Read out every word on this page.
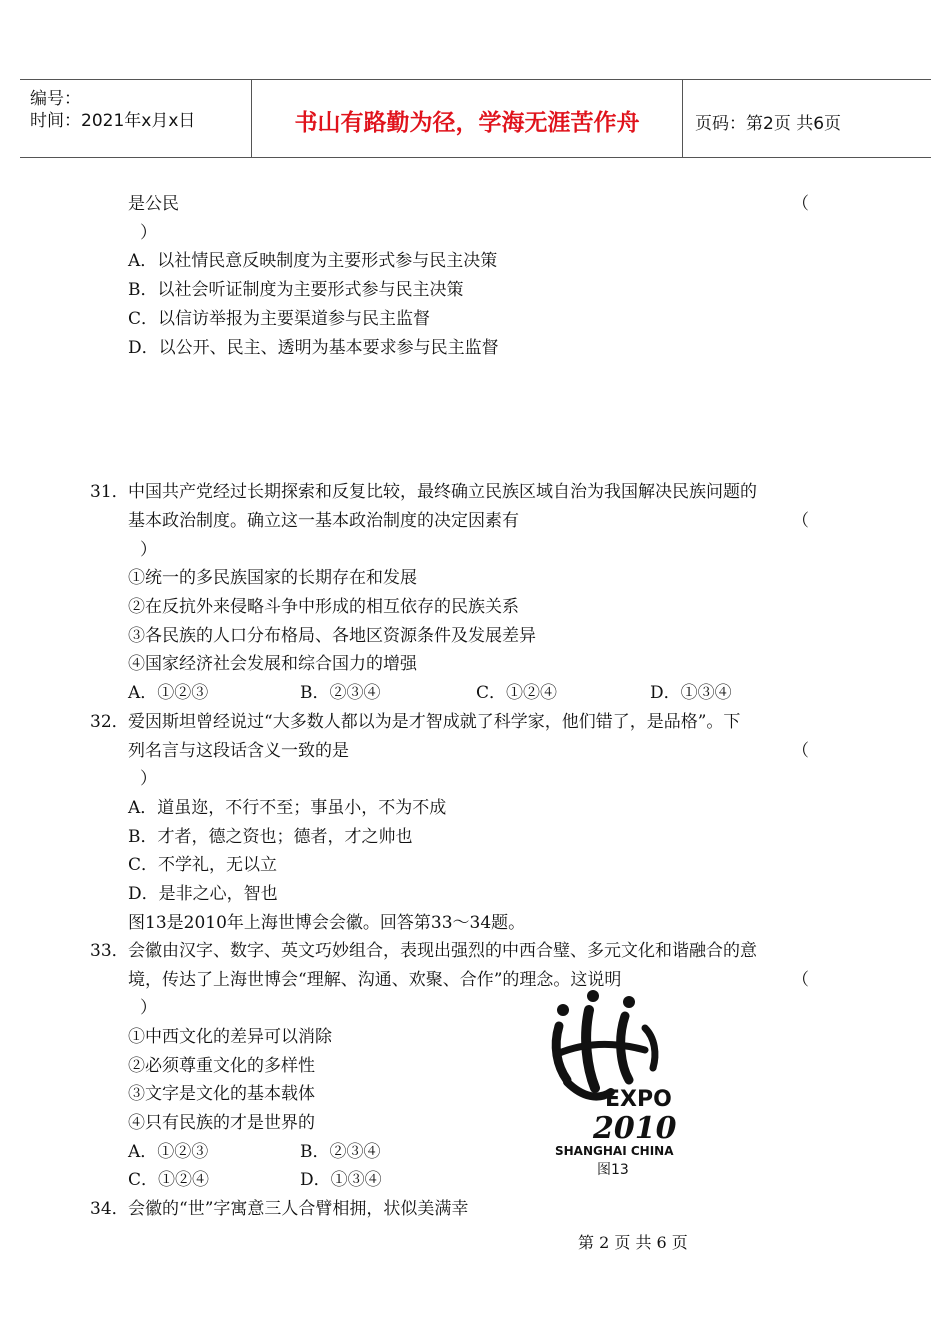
编号：
时间：2021年x月x日	书山有路勤为径，学海无涯苦作舟	页码：第2页 共6页
是公民	（
）
A．以社情民意反映制度为主要形式参与民主决策
B．以社会听证制度为主要形式参与民主决策
C．以信访举报为主要渠道参与民主监督
D．以公开、民主、透明为基本要求参与民主监督
31． 中国共产党经过长期探索和反复比较，最终确立民族区域自治为我国解决民族问题的
基本政治制度。确立这一基本政治制度的决定因素有	（
）
①统一的多民族国家的长期存在和发展
②在反抗外来侵略斗争中形成的相互依存的民族关系
③各民族的人口分布格局、各地区资源条件及发展差异
④国家经济社会发展和综合国力的增强
A．①②③	B．②③④	C．①②④	D．①③④
32． 爱因斯坦曾经说过“大多数人都以为是才智成就了科学家，他们错了，是品格”。下
列名言与这段话含义一致的是	（
）
A．道虽迩，不行不至；事虽小，不为不成
B．才者，德之资也；德者，才之帅也
C．不学礼，无以立
D．是非之心，智也
图13是2010年上海世博会会徽。回答第33～34题。
33． 会徽由汉字、数字、英文巧妙组合，表现出强烈的中西合璧、多元文化和谐融合的意
境，传达了上海世博会“理解、沟通、欢聚、合作”的理念。这说明	（
）
①中西文化的差异可以消除
②必须尊重文化的多样性
③文字是文化的基本载体
④只有民族的才是世界的
A．①②③	B．②③④
C．①②④	D．①③④
EXPO
2010
SHANGHAI CHINA
图13
34． 会徽的“世”字寓意三人合臂相拥，状似美满幸
第 2 页 共 6 页
